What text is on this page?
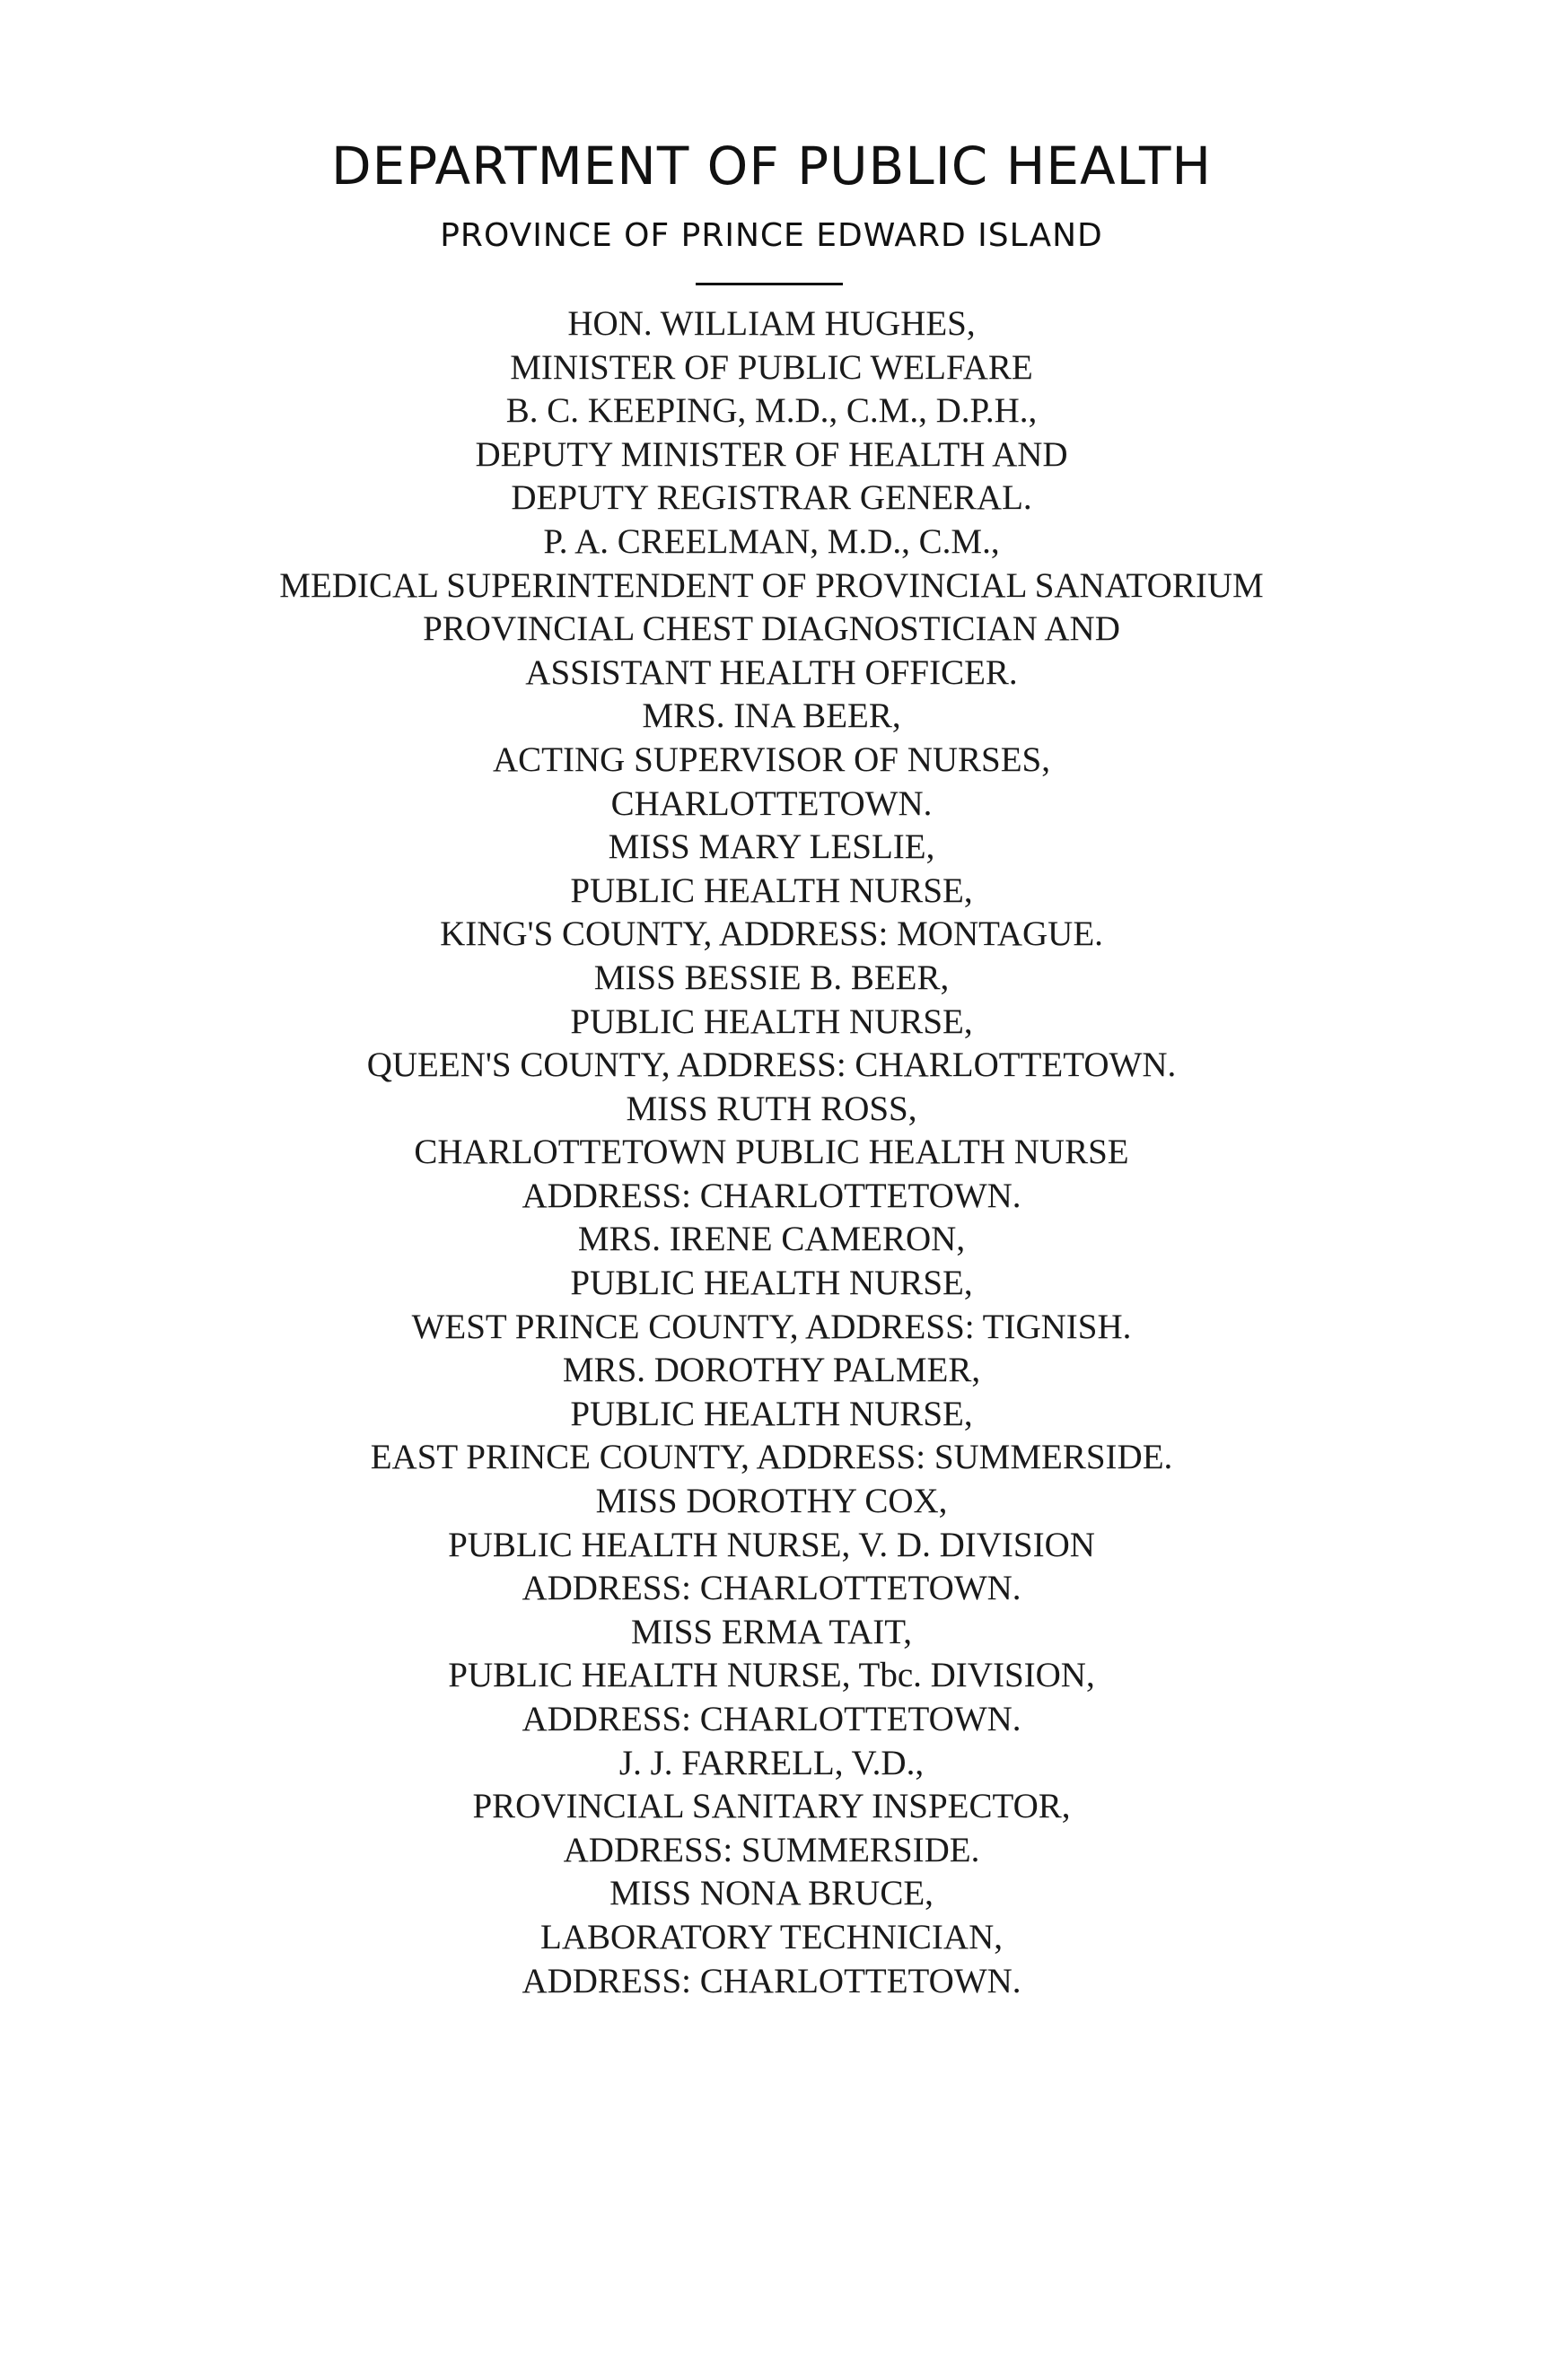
DEPARTMENT OF PUBLIC HEALTH
PROVINCE OF PRINCE EDWARD ISLAND
HON. WILLIAM HUGHES,
MINISTER OF PUBLIC WELFARE
B. C. KEEPING, M.D., C.M., D.P.H.,
DEPUTY MINISTER OF HEALTH AND
DEPUTY REGISTRAR GENERAL.
P. A. CREELMAN, M.D., C.M.,
MEDICAL SUPERINTENDENT OF PROVINCIAL SANATORIUM
PROVINCIAL CHEST DIAGNOSTICIAN AND
ASSISTANT HEALTH OFFICER.
MRS. INA BEER,
ACTING SUPERVISOR OF NURSES,
CHARLOTTETOWN.
MISS MARY LESLIE,
PUBLIC HEALTH NURSE,
KING'S COUNTY, ADDRESS: MONTAGUE.
MISS BESSIE B. BEER,
PUBLIC HEALTH NURSE,
QUEEN'S COUNTY, ADDRESS: CHARLOTTETOWN.
MISS RUTH ROSS,
CHARLOTTETOWN PUBLIC HEALTH NURSE
ADDRESS: CHARLOTTETOWN.
MRS. IRENE CAMERON,
PUBLIC HEALTH NURSE,
WEST PRINCE COUNTY, ADDRESS: TIGNISH.
MRS. DOROTHY PALMER,
PUBLIC HEALTH NURSE,
EAST PRINCE COUNTY, ADDRESS: SUMMERSIDE.
MISS DOROTHY COX,
PUBLIC HEALTH NURSE, V. D. DIVISION
ADDRESS: CHARLOTTETOWN.
MISS ERMA TAIT,
PUBLIC HEALTH NURSE, Tbc. DIVISION,
ADDRESS: CHARLOTTETOWN.
J. J. FARRELL, V.D.,
PROVINCIAL SANITARY INSPECTOR,
ADDRESS: SUMMERSIDE.
MISS NONA BRUCE,
LABORATORY TECHNICIAN,
ADDRESS: CHARLOTTETOWN.
